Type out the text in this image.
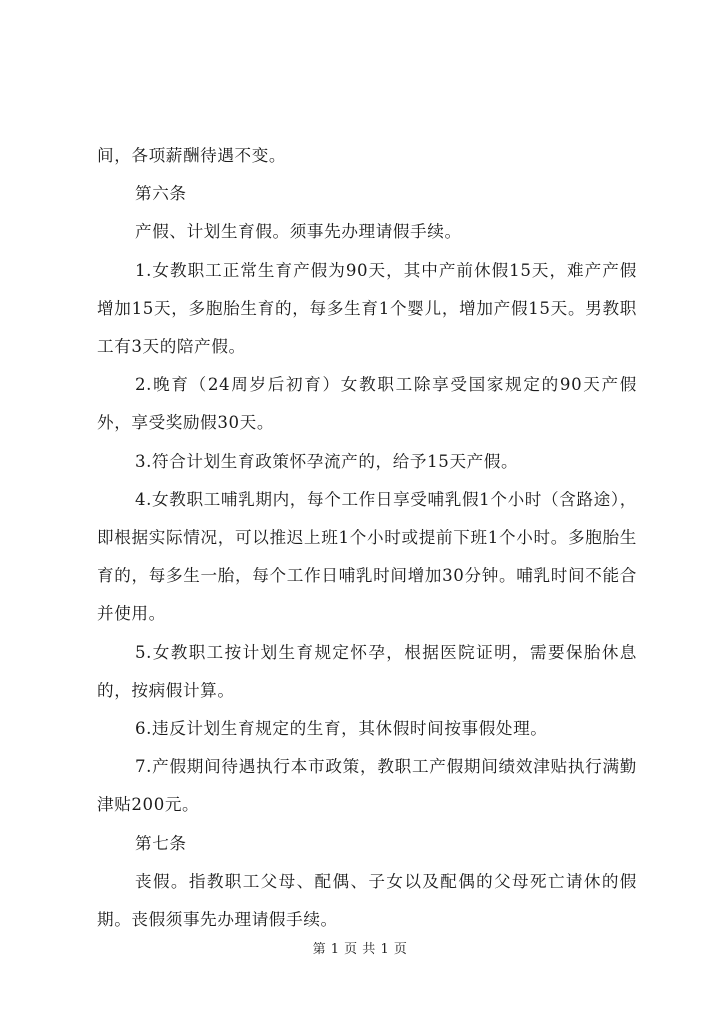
间，各项薪酬待遇不变。

第六条

产假、计划生育假。须事先办理请假手续。

1.女教职工正常生育产假为90天，其中产前休假15天，难产产假增加15天，多胞胎生育的，每多生育1个婴儿，增加产假15天。男教职工有3天的陪产假。

2.晚育（24周岁后初育）女教职工除享受国家规定的90天产假外，享受奖励假30天。

3.符合计划生育政策怀孕流产的，给予15天产假。

4.女教职工哺乳期内，每个工作日享受哺乳假1个小时（含路途），即根据实际情况，可以推迟上班1个小时或提前下班1个小时。多胞胎生育的，每多生一胎，每个工作日哺乳时间增加30分钟。哺乳时间不能合并使用。

5.女教职工按计划生育规定怀孕，根据医院证明，需要保胎休息的，按病假计算。

6.违反计划生育规定的生育，其休假时间按事假处理。

7.产假期间待遇执行本市政策，教职工产假期间绩效津贴执行满勤津贴200元。

第七条

丧假。指教职工父母、配偶、子女以及配偶的父母死亡请休的假期。丧假须事先办理请假手续。

第 1 页 共 1 页
